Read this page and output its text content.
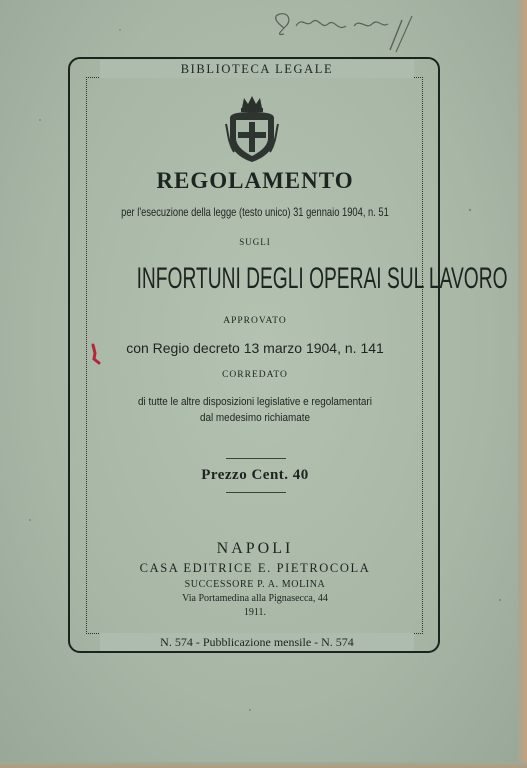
BIBLIOTECA LEGALE
REGOLAMENTO
per l'esecuzione della legge (testo unico) 31 gennaio 1904, n. 51
SUGLI
INFORTUNI DEGLI OPERAI SUL LAVORO
APPROVATO
con Regio decreto 13 marzo 1904, n. 141
CORREDATO
di tutte le altre disposizioni legislative e regolamentari
dal medesimo richiamate
Prezzo Cent. 40
NAPOLI
CASA EDITRICE E. PIETROCOLA
SUCCESSORE P. A. MOLINA
Via Portamedina alla Pignasecca, 44
1911.
N. 574 - Pubblicazione mensile - N. 574
